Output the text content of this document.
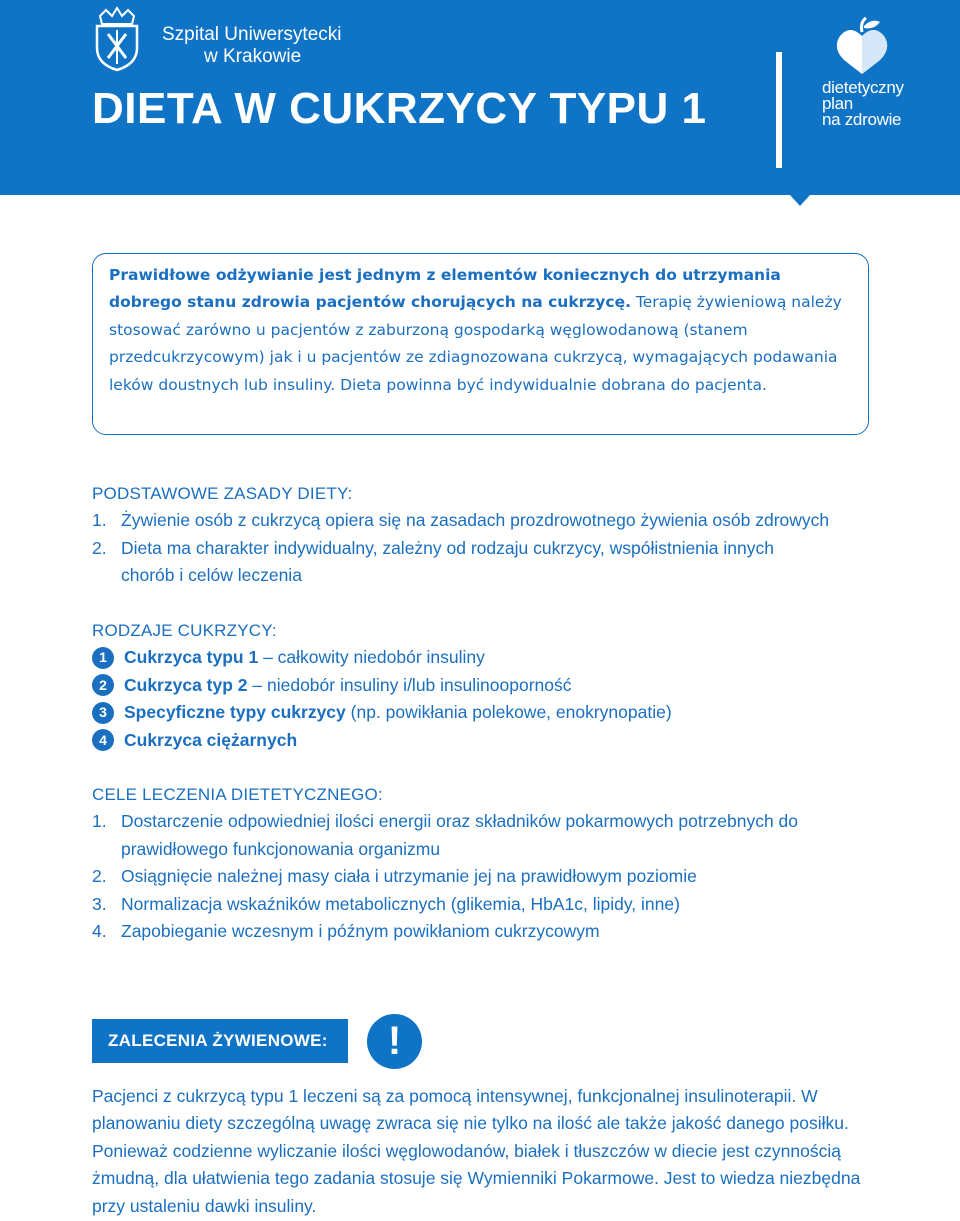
Szpital Uniwersytecki
w Krakowie
DIETA W CUKRZYCY TYPU 1	dietetyczny
plan
na zdrowie
Prawidłowe odżywianie jest jednym z elementów koniecznych do utrzymania dobrego stanu zdrowia pacjentów chorujących na cukrzycę. Terapię żywieniową należy stosować zarówno u pacjentów z zaburzoną gospodarką węglowodanową (stanem przedcukrzycowym) jak i u pacjentów ze zdiagnozowana cukrzycą, wymagających podawania leków doustnych lub insuliny. Dieta powinna być indywidualnie dobrana do pacjenta.
PODSTAWOWE ZASADY DIETY:
1. Żywienie osób z cukrzycą opiera się na zasadach prozdrowotnego żywienia osób zdrowych
2. Dieta ma charakter indywidualny, zależny od rodzaju cukrzycy, współistnienia innych chorób i celów leczenia
RODZAJE CUKRZYCY:
1 Cukrzyca typu 1 – całkowity niedobór insuliny
2 Cukrzyca typ 2 – niedobór insuliny i/lub insulinooporność
3 Specyficzne typy cukrzycy (np. powikłania polekowe, enokrynopatie)
4 Cukrzyca ciężarnych
CELE LECZENIA DIETETYCZNEGO:
1. Dostarczenie odpowiedniej ilości energii oraz składników pokarmowych potrzebnych do prawidłowego funkcjonowania organizmu
2. Osiągnięcie należnej masy ciała i utrzymanie jej na prawidłowym poziomie
3. Normalizacja wskaźników metabolicznych (glikemia, HbA1c, lipidy, inne)
4. Zapobieganie wczesnym i późnym powikłaniom cukrzycowym
ZALECENIA ŻYWIENOWE:	!

Pacjenci z cukrzycą typu 1 leczeni są za pomocą intensywnej, funkcjonalnej insulinoterapii. W planowaniu diety szczególną uwagę zwraca się nie tylko na ilość ale także jakość danego posiłku. Ponieważ codzienne wyliczanie ilości węglowodanów, białek i tłuszczów w diecie jest czynnością żmudną, dla ułatwienia tego zadania stosuje się Wymienniki Pokarmowe. Jest to wiedza niezbędna przy ustaleniu dawki insuliny.
